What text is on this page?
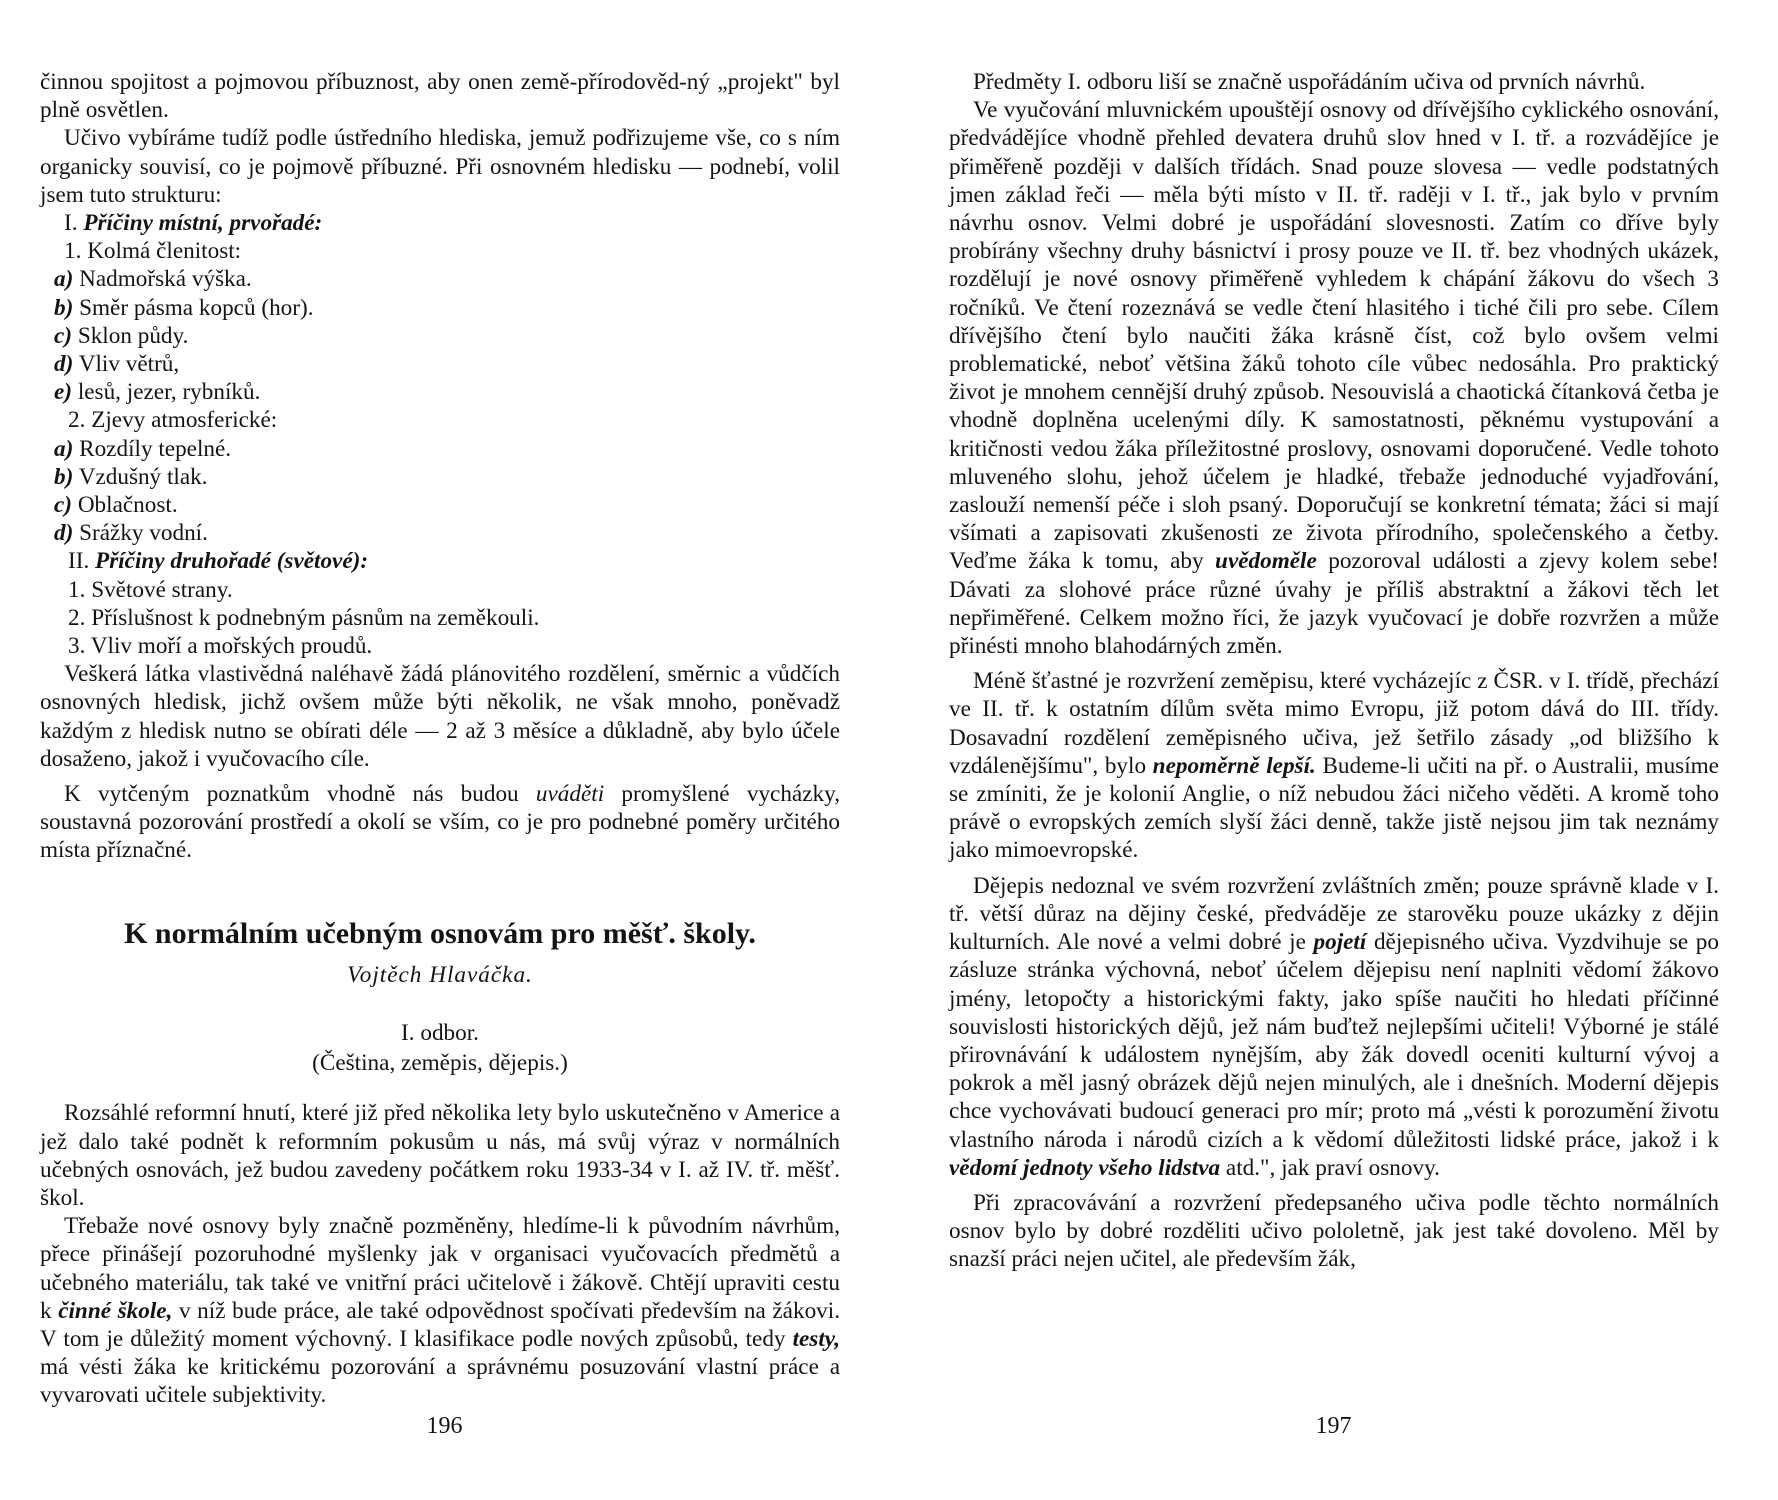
činnou spojitost a pojmovou příbuznost, aby onen země-přírodověd-ný „projekt" byl plně osvětlen.

Učivo vybíráme tudíž podle ústředního hlediska, jemuž podřizujeme vše, co s ním organicky souvisí, co je pojmově příbuzné. Při osnovném hledisku — podnebí, volil jsem tuto strukturu:

I. Příčiny místní, prvořadé:
1. Kolmá členitost:
a) Nadmořská výška.
b) Směr pásma kopců (hor).
c) Sklon půdy.
d) Vliv větrů,
e) lesů, jezer, rybníků.
2. Zjevy atmosferické:
a) Rozdíly tepelné.
b) Vzdušný tlak.
c) Oblačnost.
d) Srážky vodní.
II. Příčiny druhořadé (světové):
1. Světové strany.
2. Příslušnost k podnebným pásnům na zeměkouli.
3. Vliv moří a mořských proudů.

Veškerá látka vlastivědná naléhavě žádá plánovitého rozdělení, směrnic a vůdčích osnovných hledisk, jichž ovšem může býti několik, ne však mnoho, poněvadž každým z hledisk nutno se obírati déle — 2 až 3 měsíce a důkladně, aby bylo účele dosaženo, jakož i vyučovacího cíle.

K vytčeným poznatkům vhodně nás budou uváděti promyšlené vycházky, soustavná pozorování prostředí a okolí se vším, co je pro podnebné poměry určitého místa příznačné.

K normálním učebným osnovám pro měšť. školy.
Vojtěch Hlaváčka.
I. odbor.
(Čeština, zeměpis, dějepis.)

Rozsáhlé reformní hnutí, které již před několika lety bylo uskutečněno v Americe a jež dalo také podnět k reformním pokusům u nás, má svůj výraz v normálních učebných osnovách, jež budou zavedeny počátkem roku 1933-34 v I. až IV. tř. měšť. škol.

Třebaže nové osnovy byly značně pozměněny, hledíme-li k původním návrhům, přece přinášejí pozoruhodné myšlenky jak v organisaci vyučovacích předmětů a učebného materiálu, tak také ve vnitřní práci učitelově i žákově. Chtějí upraviti cestu k činné škole, v níž bude práce, ale také odpovědnost spočívati především na žákovi. V tom je důležitý moment výchovný. I klasifikace podle nových způsobů, tedy testy, má vésti žáka ke kritickému pozorování a správnému posuzování vlastní práce a vyvarovati učitele subjektivity.

196

Předměty I. odboru liší se značně uspořádáním učiva od prvních návrhů.

Ve vyučování mluvnickém upouštějí osnovy od dřívějšího cyklického osnování, předvádějíce vhodně přehled devatera druhů slov hned v I. tř. a rozvádějíce je přiměřeně později v dalších třídách. Snad pouze slovesa — vedle podstatných jmen základ řeči — měla býti místo v II. tř. raději v I. tř., jak bylo v prvním návrhu osnov. Velmi dobré je uspořádání slovesnosti. Zatím co dříve byly probírány všechny druhy básnictví i prosy pouze ve II. tř. bez vhodných ukázek, rozdělují je nové osnovy přiměřeně vyhledem k chápání žákovu do všech 3 ročníků. Ve čtení rozeznává se vedle čtení hlasitého i tiché čili pro sebe. Cílem dřívějšího čtení bylo naučiti žáka krásně číst, což bylo ovšem velmi problematické, neboť většina žáků tohoto cíle vůbec nedosáhla. Pro praktický život je mnohem cennější druhý způsob. Nesouvislá a chaotická čítanková četba je vhodně doplněna ucelenými díly. K samostatnosti, pěknému vystupování a kritičnosti vedou žáka příležitostné proslovy, osnovami doporučené. Vedle tohoto mluveného slohu, jehož účelem je hladké, třebaže jednoduché vyjadřování, zaslouží nemenší péče i sloh psaný. Doporučují se konkretní témata; žáci si mají všímati a zapisovati zkušenosti ze života přírodního, společenského a četby. Veďme žáka k tomu, aby uvědoměle pozoroval události a zjevy kolem sebe! Dávati za slohové práce různé úvahy je příliš abstraktní a žákovi těch let nepřiměřené. Celkem možno říci, že jazyk vyučovací je dobře rozvržen a může přinésti mnoho blahodárných změn.

Méně šťastné je rozvržení zeměpisu, které vycházejíc z ČSR. v I. třídě, přechází ve II. tř. k ostatním dílům světa mimo Evropu, již potom dává do III. třídy. Dosavadní rozdělení zeměpisného učiva, jež šetřilo zásady „od bližšího k vzdálenějšímu", bylo nepoměrně lepší. Budeme-li učiti na př. o Australii, musíme se zmíniti, že je kolonií Anglie, o níž nebudou žáci ničeho věděti. A kromě toho právě o evropských zemích slyší žáci denně, takže jistě nejsou jim tak neznámy jako mimoevropské.

Dějepis nedoznal ve svém rozvržení zvláštních změn; pouze správně klade v I. tř. větší důraz na dějiny české, předváděje ze starověku pouze ukázky z dějin kulturních. Ale nové a velmi dobré je pojetí dějepisného učiva. Vyzdvihuje se po zásluze stránka výchovná, neboť účelem dějepisu není naplniti vědomí žákovo jmény, letopočty a historickými fakty, jako spíše naučiti ho hledati příčinné souvislosti historických dějů, jež nám buďtež nejlepšími učiteli! Výborné je stálé přirovnávání k událostem nynějším, aby žák dovedl oceniti kulturní vývoj a pokrok a měl jasný obrázek dějů nejen minulých, ale i dnešních. Moderní dějepis chce vychovávati budoucí generaci pro mír; proto má „vésti k porozumění životu vlastního národa i národů cizích a k vědomí důležitosti lidské práce, jakož i k vědomí jednoty všeho lidstva atd.", jak praví osnovy.

Při zpracovávání a rozvržení předepsaného učiva podle těchto normálních osnov bylo by dobré rozděliti učivo pololetně, jak jest také dovoleno. Měl by snazší práci nejen učitel, ale především žák,

197
